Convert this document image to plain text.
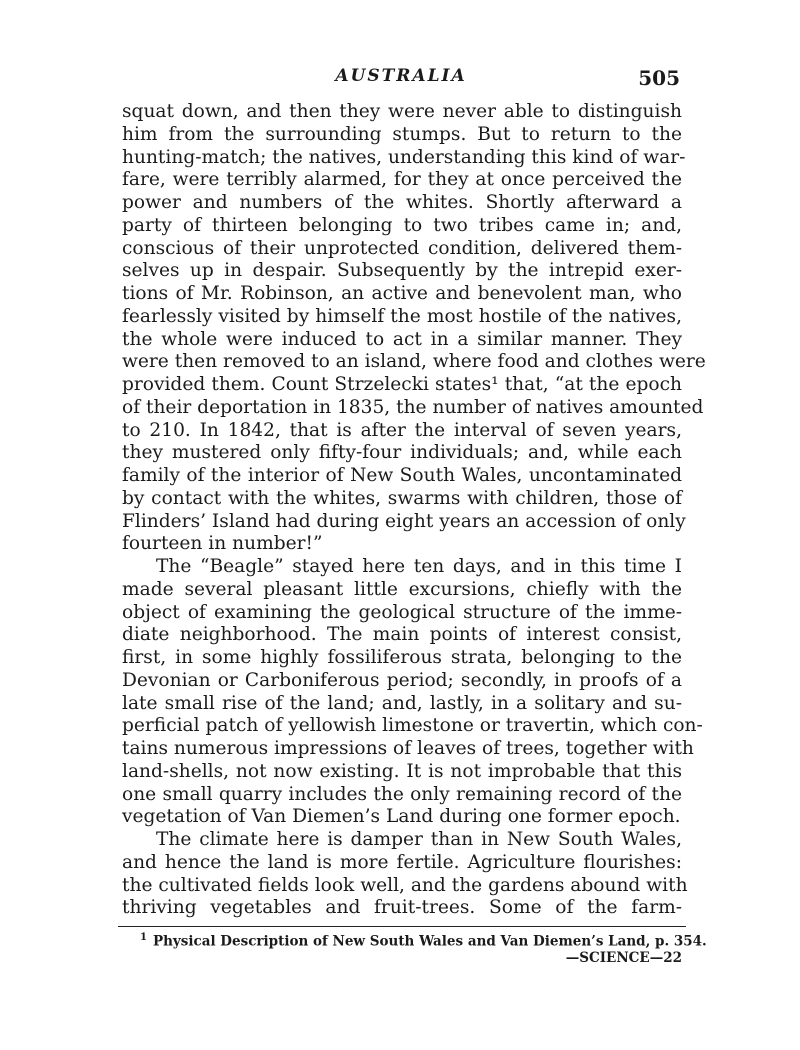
AUSTRALIA	505
squat down, and then they were never able to distinguish
him from the surrounding stumps. But to return to the
hunting-match; the natives, understanding this kind of war-
fare, were terribly alarmed, for they at once perceived the
power and numbers of the whites. Shortly afterward a
party of thirteen belonging to two tribes came in; and,
conscious of their unprotected condition, delivered them-
selves up in despair. Subsequently by the intrepid exer-
tions of Mr. Robinson, an active and benevolent man, who
fearlessly visited by himself the most hostile of the natives,
the whole were induced to act in a similar manner. They
were then removed to an island, where food and clothes were
provided them. Count Strzelecki states¹ that, “at the epoch
of their deportation in 1835, the number of natives amounted
to 210. In 1842, that is after the interval of seven years,
they mustered only fifty-four individuals; and, while each
family of the interior of New South Wales, uncontaminated
by contact with the whites, swarms with children, those of
Flinders’ Island had during eight years an accession of only
fourteen in number!”
The “Beagle” stayed here ten days, and in this time I
made several pleasant little excursions, chiefly with the
object of examining the geological structure of the imme-
diate neighborhood. The main points of interest consist,
first, in some highly fossiliferous strata, belonging to the
Devonian or Carboniferous period; secondly, in proofs of a
late small rise of the land; and, lastly, in a solitary and su-
perficial patch of yellowish limestone or travertin, which con-
tains numerous impressions of leaves of trees, together with
land-shells, not now existing. It is not improbable that this
one small quarry includes the only remaining record of the
vegetation of Van Diemen’s Land during one former epoch.
The climate here is damper than in New South Wales,
and hence the land is more fertile. Agriculture flourishes:
the cultivated fields look well, and the gardens abound with
thriving vegetables and fruit-trees. Some of the farm-
$^1$ Physical Description of New South Wales and Van Diemen’s Land, p. 354.
—SCIENCE—22
